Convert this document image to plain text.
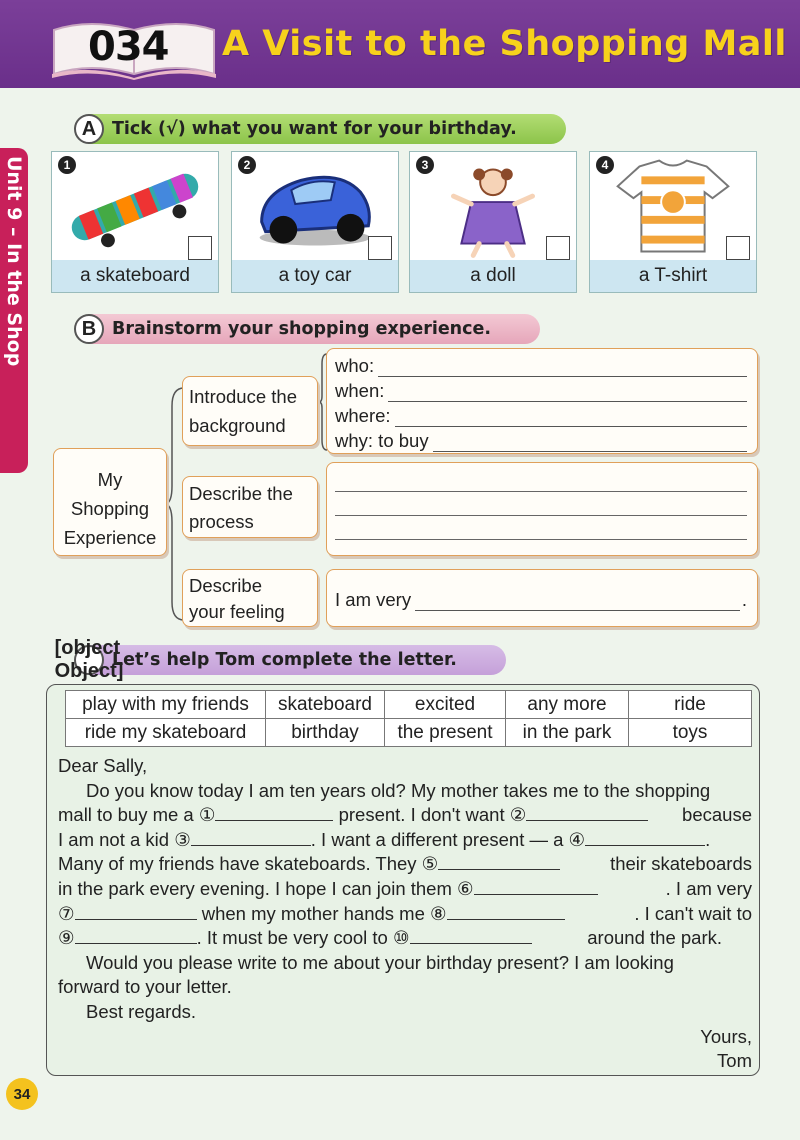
034 A Visit to the Shopping Mall
Unit 9 – In the Shop
A Tick (√) what you want for your birthday.
1
a skateboard
2
a toy car
3
a doll
4
a T-shirt
B Brainstorm your shopping experience.
My
Shopping
Experience
Introduce the
background
Describe the
process
Describe
your feeling
who:
when:
where:
why: to buy
I am very	.
[object Object]
Let’s help Tom complete the letter.
play with my friends	skateboard	excited	any more	ride
ride my skateboard	birthday	the present	in the park	toys
Dear Sally,
Do you know today I am ten years old? My mother takes me to the shopping
mall to buy me a ①	present. I don't want ②	because
I am not a kid ③	. I want a different present — a ④	.
Many of my friends have skateboards. They ⑤	their skateboards
in the park every evening. I hope I can join them ⑥	. I am very
⑦	when my mother hands me ⑧	. I can't wait to
⑨	. It must be very cool to ⑩	around the park.
Would you please write to me about your birthday present? I am looking
forward to your letter.
Best regards.
Yours,
Tom
34
